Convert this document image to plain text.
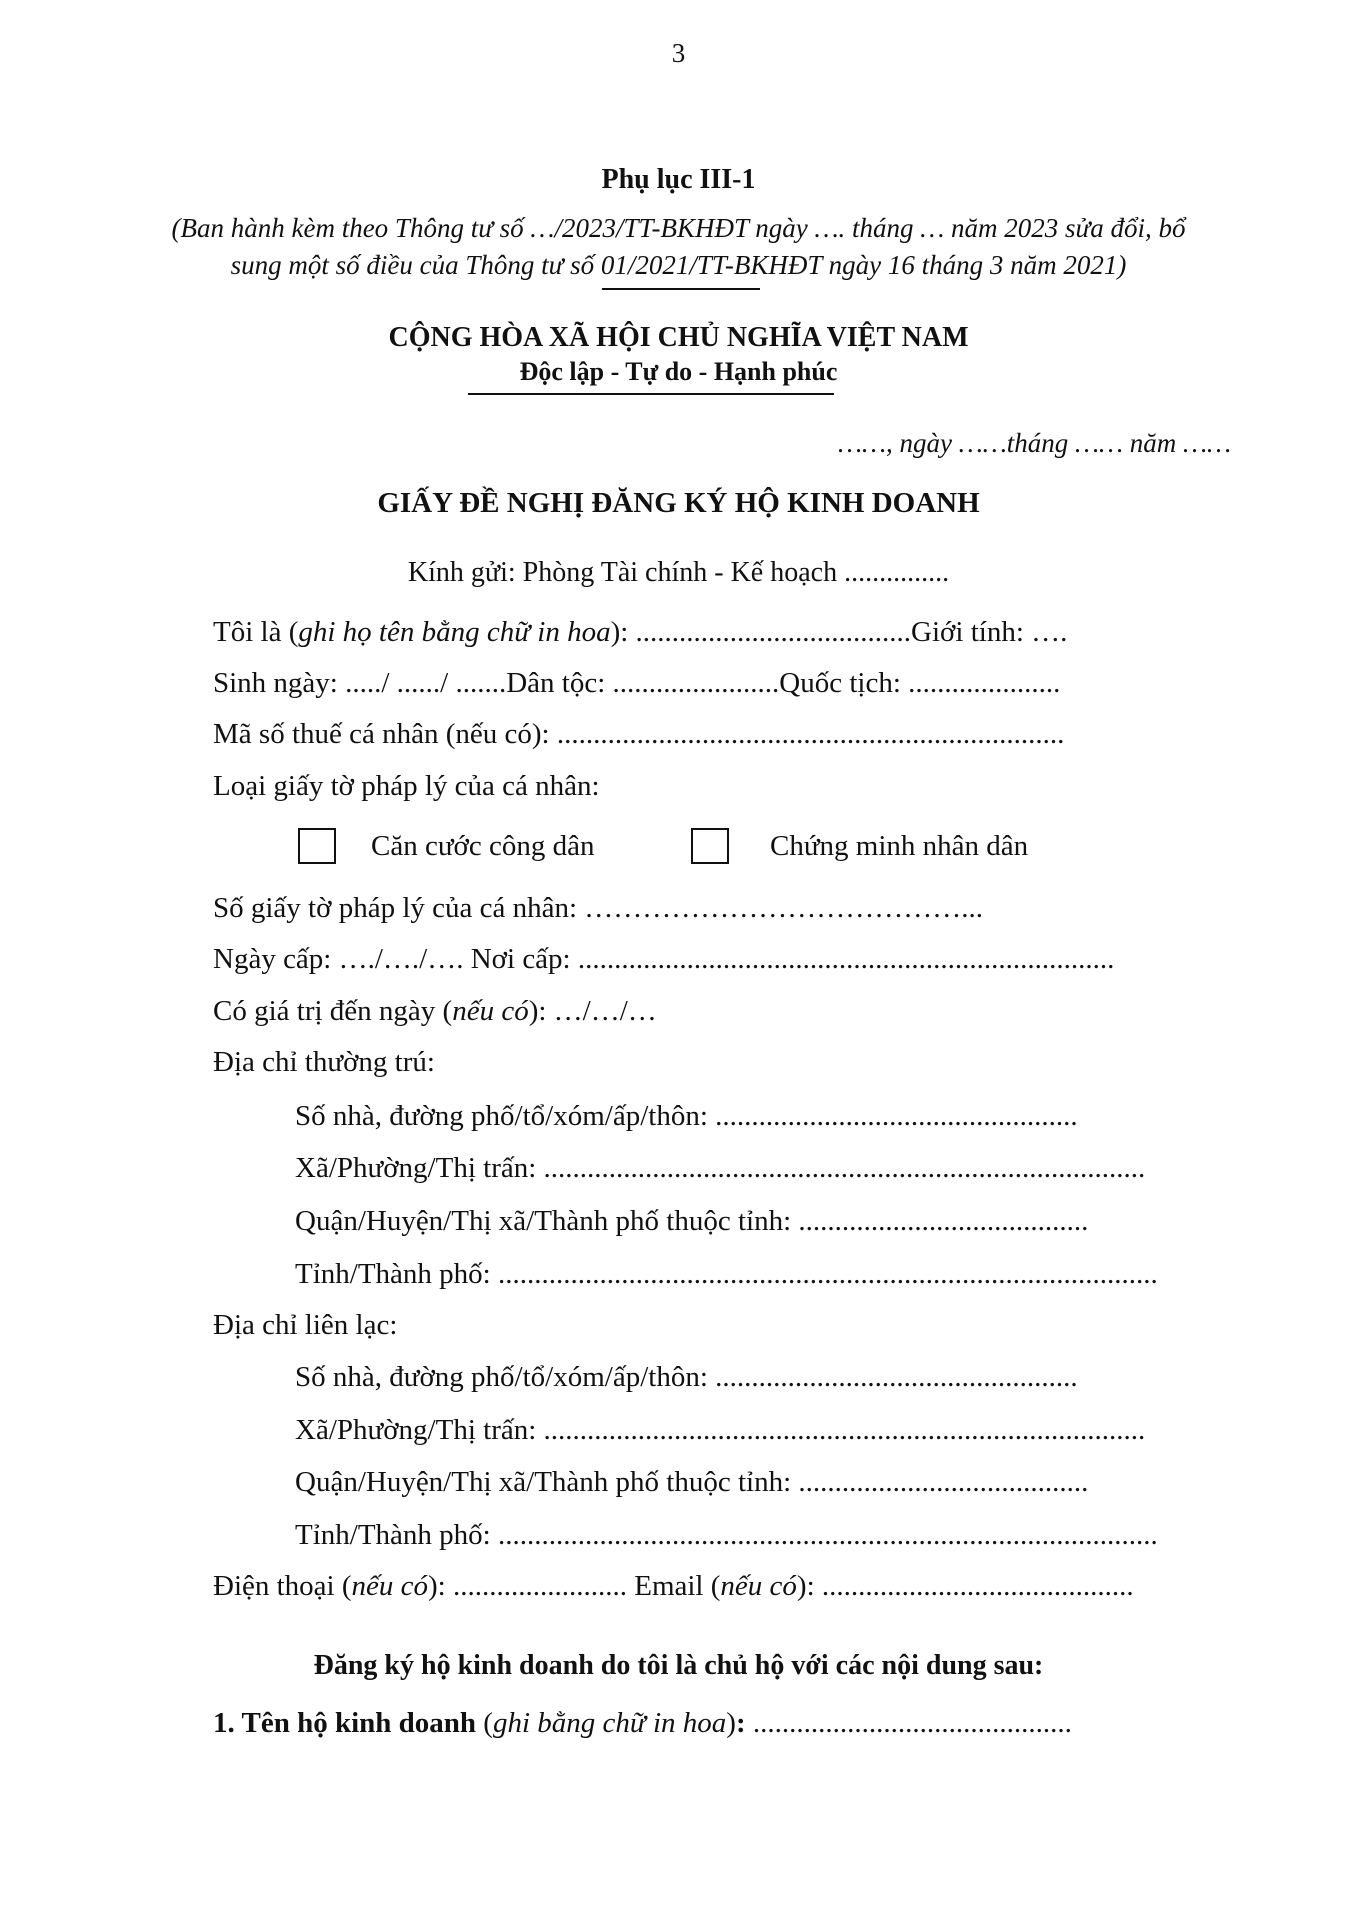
3
Phụ lục III-1
(Ban hành kèm theo Thông tư số …/2023/TT-BKHĐT ngày …. tháng … năm 2023 sửa đổi, bổ
sung một số điều của Thông tư số 01/2021/TT-BKHĐT ngày 16 tháng 3 năm 2021)
CỘNG HÒA XÃ HỘI CHỦ NGHĨA VIỆT NAM
Độc lập - Tự do - Hạnh phúc
……, ngày ……tháng …… năm ……
GIẤY ĐỀ NGHỊ ĐĂNG KÝ HỘ KINH DOANH
Kính gửi: Phòng Tài chính - Kế hoạch ...............
Tôi là (ghi họ tên bằng chữ in hoa): ......................................Giới tính: ….
Sinh ngày: ...../ ....../ .......Dân tộc: .......................Quốc tịch: .....................
Mã số thuế cá nhân (nếu có): ......................................................................
Loại giấy tờ pháp lý của cá nhân:
Căn cước công dân	Chứng minh nhân dân
Số giấy tờ pháp lý của cá nhân: …………………………………...
Ngày cấp: …./…./…. Nơi cấp: ..........................................................................
Có giá trị đến ngày (nếu có): …/…/…
Địa chỉ thường trú:
Số nhà, đường phố/tổ/xóm/ấp/thôn: ..................................................
Xã/Phường/Thị trấn: ...................................................................................
Quận/Huyện/Thị xã/Thành phố thuộc tỉnh: ........................................
Tỉnh/Thành phố: ...........................................................................................
Địa chỉ liên lạc:
Số nhà, đường phố/tổ/xóm/ấp/thôn: ..................................................
Xã/Phường/Thị trấn: ...................................................................................
Quận/Huyện/Thị xã/Thành phố thuộc tỉnh: ........................................
Tỉnh/Thành phố: ...........................................................................................
Điện thoại (nếu có): ........................ Email (nếu có): ...........................................
Đăng ký hộ kinh doanh do tôi là chủ hộ với các nội dung sau:
1. Tên hộ kinh doanh (ghi bằng chữ in hoa): ............................................
